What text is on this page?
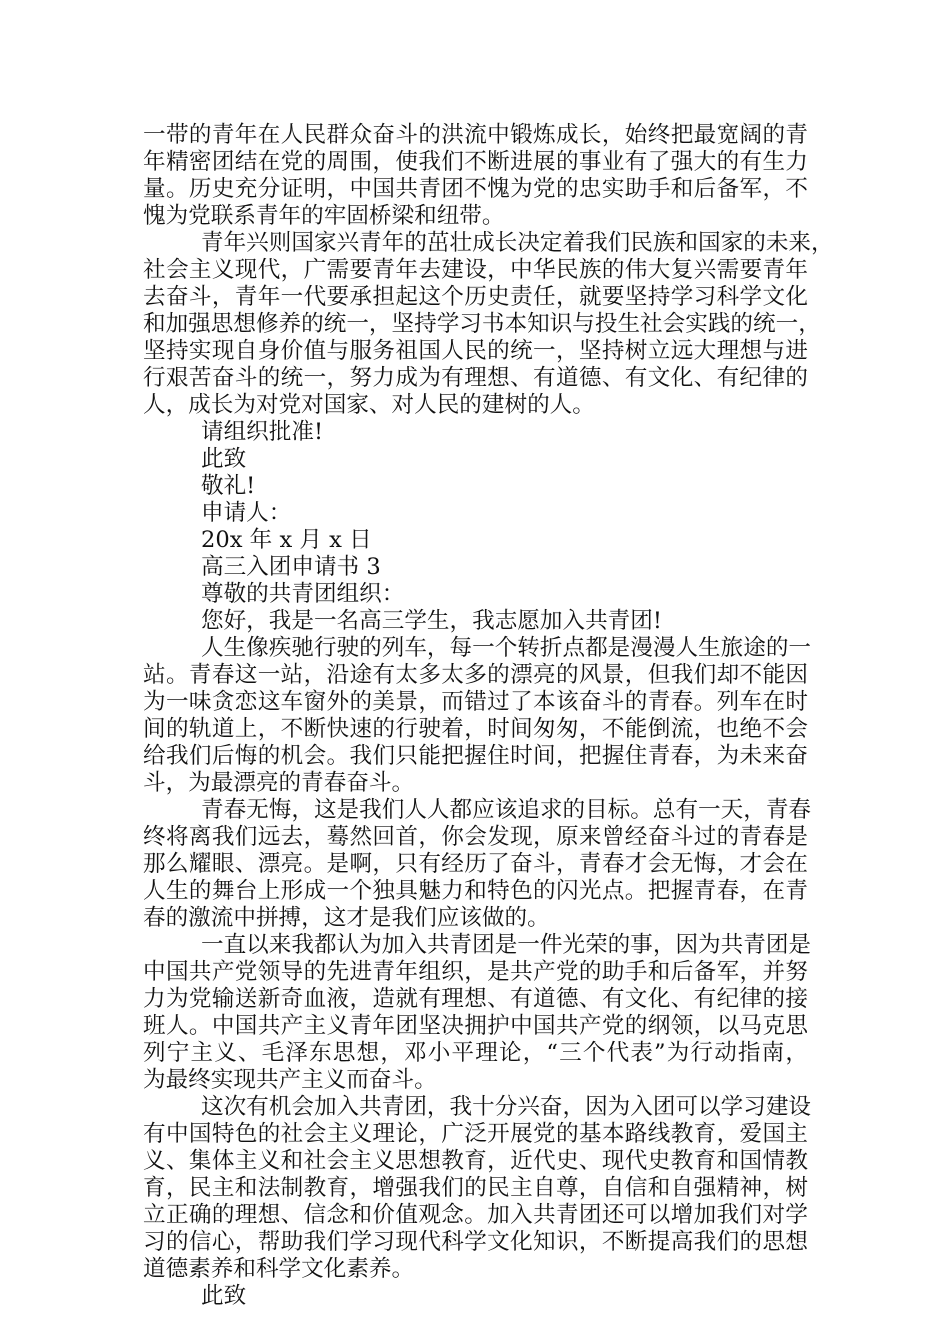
一带的青年在人民群众奋斗的洪流中锻炼成长，始终把最宽阔的青
年精密团结在党的周围，使我们不断进展的事业有了强大的有生力
量。历史充分证明，中国共青团不愧为党的忠实助手和后备军，不
愧为党联系青年的牢固桥梁和纽带。
青年兴则国家兴青年的茁壮成长决定着我们民族和国家的未来，
社会主义现代，广需要青年去建设，中华民族的伟大复兴需要青年
去奋斗，青年一代要承担起这个历史责任，就要坚持学习科学文化
和加强思想修养的统一，坚持学习书本知识与投生社会实践的统一，
坚持实现自身价值与服务祖国人民的统一，坚持树立远大理想与进
行艰苦奋斗的统一，努力成为有理想、有道德、有文化、有纪律的
人，成长为对党对国家、对人民的建树的人。
请组织批准!
此致
敬礼!
申请人：
20x 年 x 月 x 日
高三入团申请书 3
尊敬的共青团组织：
您好，我是一名高三学生，我志愿加入共青团!
人生像疾驰行驶的列车，每一个转折点都是漫漫人生旅途的一
站。青春这一站，沿途有太多太多的漂亮的风景，但我们却不能因
为一味贪恋这车窗外的美景，而错过了本该奋斗的青春。列车在时
间的轨道上，不断快速的行驶着，时间匆匆，不能倒流，也绝不会
给我们后悔的机会。我们只能把握住时间，把握住青春，为未来奋
斗，为最漂亮的青春奋斗。
青春无悔，这是我们人人都应该追求的目标。总有一天，青春
终将离我们远去，蓦然回首，你会发现，原来曾经奋斗过的青春是
那么耀眼、漂亮。是啊，只有经历了奋斗，青春才会无悔，才会在
人生的舞台上形成一个独具魅力和特色的闪光点。把握青春，在青
春的激流中拼搏，这才是我们应该做的。
一直以来我都认为加入共青团是一件光荣的事，因为共青团是
中国共产党领导的先进青年组织，是共产党的助手和后备军，并努
力为党输送新奇血液，造就有理想、有道德、有文化、有纪律的接
班人。中国共产主义青年团坚决拥护中国共产党的纲领，以马克思
列宁主义、毛泽东思想，邓小平理论，“三个代表”为行动指南，
为最终实现共产主义而奋斗。
这次有机会加入共青团，我十分兴奋，因为入团可以学习建设
有中国特色的社会主义理论，广泛开展党的基本路线教育，爱国主
义、集体主义和社会主义思想教育，近代史、现代史教育和国情教
育，民主和法制教育，增强我们的民主自尊，自信和自强精神，树
立正确的理想、信念和价值观念。加入共青团还可以增加我们对学
习的信心，帮助我们学习现代科学文化知识，不断提高我们的思想
道德素养和科学文化素养。
此致
